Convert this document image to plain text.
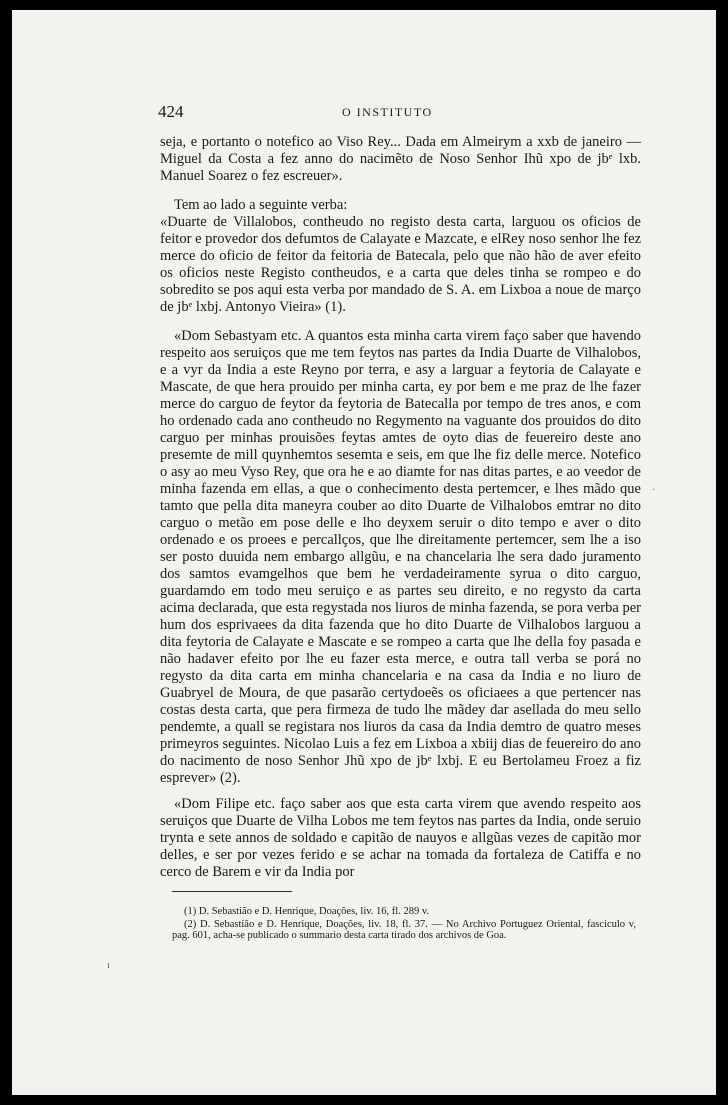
424	O INSTITUTO

seja, e portanto o notefico ao Viso Rey... Dada em Almeirym a xxb de janeiro — Miguel da Costa a fez anno do nacimẽto de Noso Senhor Ihũ xpo de jbᵉ lxb. Manuel Soarez o fez escreuer».

Tem ao lado a seguinte verba:

«Duarte de Villalobos, contheudo no registo desta carta, larguou os oficios de feitor e provedor dos defumtos de Calayate e Mazcate, e elRey noso senhor lhe fez merce do oficio de feitor da feitoria de Batecala, pelo que não hão de aver efeito os oficios neste Registo contheudos, e a carta que deles tinha se rompeo e do sobredito se pos aqui esta verba por mandado de S. A. em Lixboa a noue de março de jbᵉ lxbj. Antonyo Vieira» (1).

«Dom Sebastyam etc. A quantos esta minha carta virem faço saber que havendo respeito aos seruiços que me tem feytos nas partes da India Duarte de Vilhalobos, e a vyr da India a este Reyno por terra, e asy a larguar a feytoria de Calayate e Mascate, de que hera prouido per minha carta, ey por bem e me praz de lhe fazer merce do carguo de feytor da feytoria de Batecalla por tempo de tres anos, e com ho ordenado cada ano contheudo no Regymento na vaguante dos prouidos do dito carguo per minhas prouisões feytas amtes de oyto dias de feuereiro deste ano presemte de mill quynhemtos sesemta e seis, em que lhe fiz delle merce. Notefico o asy ao meu Vyso Rey, que ora he e ao diamte for nas ditas partes, e ao veedor de minha fazenda em ellas, a que o conhecimento desta pertemcer, e lhes mãdo que tamto que pella dita maneyra couber ao dito Duarte de Vilhalobos emtrar no dito carguo o metão em pose delle e lho deyxem seruir o dito tempo e aver o dito ordenado e os proees e percallços, que lhe direitamente pertemcer, sem lhe a iso ser posto duuida nem embargo allgũu, e na chancelaria lhe sera dado juramento dos samtos evamgelhos que bem he verdadeiramente syrua o dito carguo, guardamdo em todo meu seruiço e as partes seu direito, e no regysto da carta acima declarada, que esta regystada nos liuros de minha fazenda, se pora verba per hum dos esprivaees da dita fazenda que ho dito Duarte de Vilhalobos larguou a dita feytoria de Calayate e Mascate e se rompeo a carta que lhe della foy pasada e não hadaver efeito por lhe eu fazer esta merce, e outra tall verba se porá no regysto da dita carta em minha chancelaria e na casa da India e no liuro de Guabryel de Moura, de que pasarão certydoeẽs os oficiaees a que pertencer nas costas desta carta, que pera firmeza de tudo lhe mãdey dar asellada do meu sello pendemte, a quall se registara nos liuros da casa da India demtro de quatro meses primeyros seguintes. Nicolao Luis a fez em Lixboa a xbiij dias de feuereiro do ano do nacimento de noso Senhor Jhũ xpo de jbᵉ lxbj. E eu Bertolameu Froez a fiz esprever» (2).

«Dom Filipe etc. faço saber aos que esta carta virem que avendo respeito aos seruiços que Duarte de Vilha Lobos me tem feytos nas partes da India, onde seruio trynta e sete annos de soldado e capitão de nauyos e allgũas vezes de capitão mor delles, e ser por vezes ferido e se achar na tomada da fortaleza de Catiffa e no cerco de Barem e vir da India por

(1) D. Sebastião e D. Henrique, Doações, liv. 16, fl. 289 v.

(2) D. Sebastião e D. Henrique, Doações, liv. 18, fl. 37. — No Archivo Portuguez Oriental, fasciculo v, pag. 601, acha-se publicado o summario desta carta tirado dos archivos de Goa.

ı
·
